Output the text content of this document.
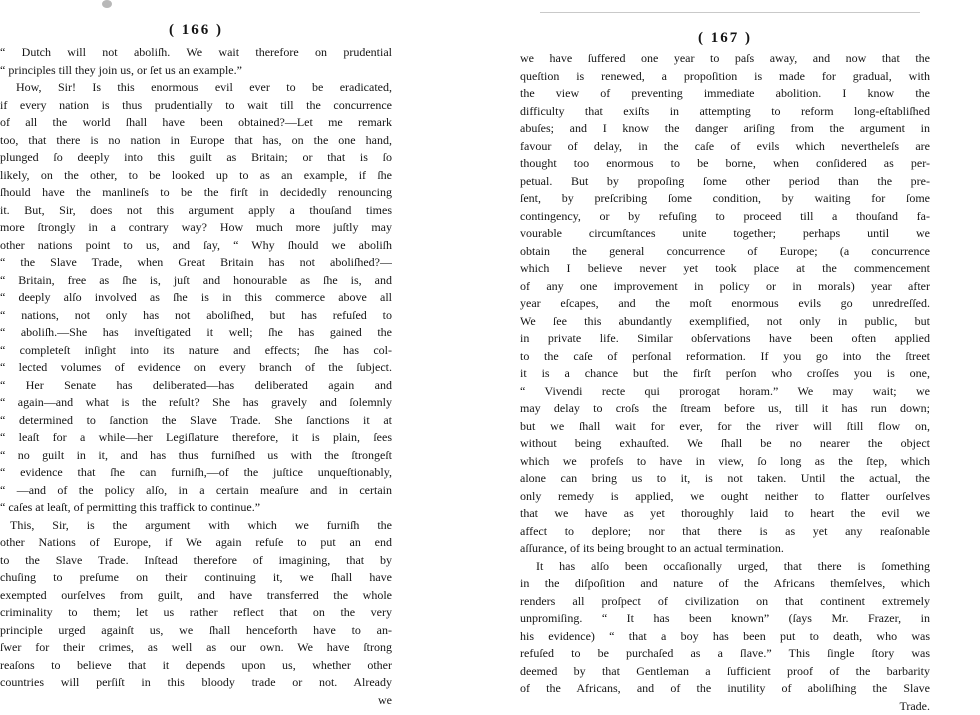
( 166 )
“ Dutch will not aboliſh. We wait therefore on prudential
“ principles till they join us, or ſet us an example.”
How, Sir! Is this enormous evil ever to be eradicated,
if every nation is thus prudentially to wait till the concurrence
of all the world ſhall have been obtained?—Let me remark
too, that there is no nation in Europe that has, on the one hand,
plunged ſo deeply into this guilt as Britain; or that is ſo
likely, on the other, to be looked up to as an example, if ſhe
ſhould have the manlineſs to be the firſt in decidedly renouncing
it. But, Sir, does not this argument apply a thouſand times
more ſtrongly in a contrary way? How much more juſtly may
other nations point to us, and ſay, “ Why ſhould we aboliſh
“ the Slave Trade, when Great Britain has not aboliſhed?—
“ Britain, free as ſhe is, juſt and honourable as ſhe is, and
“ deeply alſo involved as ſhe is in this commerce above all
“ nations, not only has not aboliſhed, but has refuſed to
“ aboliſh.—She has inveſtigated it well; ſhe has gained the
“ completeſt inſight into its nature and effects; ſhe has col-
“ lected volumes of evidence on every branch of the ſubject.
“ Her Senate has deliberated—has deliberated again and
“ again—and what is the reſult? She has gravely and ſolemnly
“ determined to ſanction the Slave Trade. She ſanctions it at
“ leaſt for a while—her Legiſlature therefore, it is plain, ſees
“ no guilt in it, and has thus furniſhed us with the ſtrongeſt
“ evidence that ſhe can furniſh,—of the juſtice unqueſtionably,
“ —and of the policy alſo, in a certain meaſure and in certain
“ caſes at leaſt, of permitting this traffick to continue.”
This, Sir, is the argument with which we furniſh the
other Nations of Europe, if We again refuſe to put an end
to the Slave Trade. Inſtead therefore of imagining, that by
chuſing to preſume on their continuing it, we ſhall have
exempted ourſelves from guilt, and have transferred the whole
criminality to them; let us rather reflect that on the very
principle urged againſt us, we ſhall henceforth have to an-
ſwer for their crimes, as well as our own. We have ſtrong
reaſons to believe that it depends upon us, whether other
countries will perſiſt in this bloody trade or not. Already
we
( 167 )
we have ſuffered one year to paſs away, and now that the
queſtion is renewed, a propoſition is made for gradual, with
the view of preventing immediate abolition. I know the
difficulty that exiſts in attempting to reform long-eſtabliſhed
abuſes; and I know the danger ariſing from the argument in
favour of delay, in the caſe of evils which nevertheleſs are
thought too enormous to be borne, when conſidered as per-
petual. But by propoſing ſome other period than the pre-
ſent, by preſcribing ſome condition, by waiting for ſome
contingency, or by refuſing to proceed till a thouſand fa-
vourable circumſtances unite together; perhaps until we
obtain the general concurrence of Europe; (a concurrence
which I believe never yet took place at the commencement
of any one improvement in policy or in morals) year after
year eſcapes, and the moſt enormous evils go unredreſſed.
We ſee this abundantly exemplified, not only in public, but
in private life. Similar obſervations have been often applied
to the caſe of perſonal reformation. If you go into the ſtreet
it is a chance but the firſt perſon who croſſes you is one,
“ Vivendi recte qui prorogat horam.” We may wait; we
may delay to croſs the ſtream before us, till it has run down;
but we ſhall wait for ever, for the river will ſtill flow on,
without being exhauſted. We ſhall be no nearer the object
which we profeſs to have in view, ſo long as the ſtep, which
alone can bring us to it, is not taken. Until the actual, the
only remedy is applied, we ought neither to flatter ourſelves
that we have as yet thoroughly laid to heart the evil we
affect to deplore; nor that there is as yet any reaſonable
aſſurance, of its being brought to an actual termination.
It has alſo been occaſionally urged, that there is ſomething
in the diſpoſition and nature of the Africans themſelves, which
renders all proſpect of civilization on that continent extremely
unpromiſing. “ It has been known” (ſays Mr. Frazer, in
his evidence) “ that a boy has been put to death, who was
refuſed to be purchaſed as a ſlave.” This ſingle ſtory was
deemed by that Gentleman a ſufficient proof of the barbarity
of the Africans, and of the inutility of aboliſhing the Slave
Trade.
